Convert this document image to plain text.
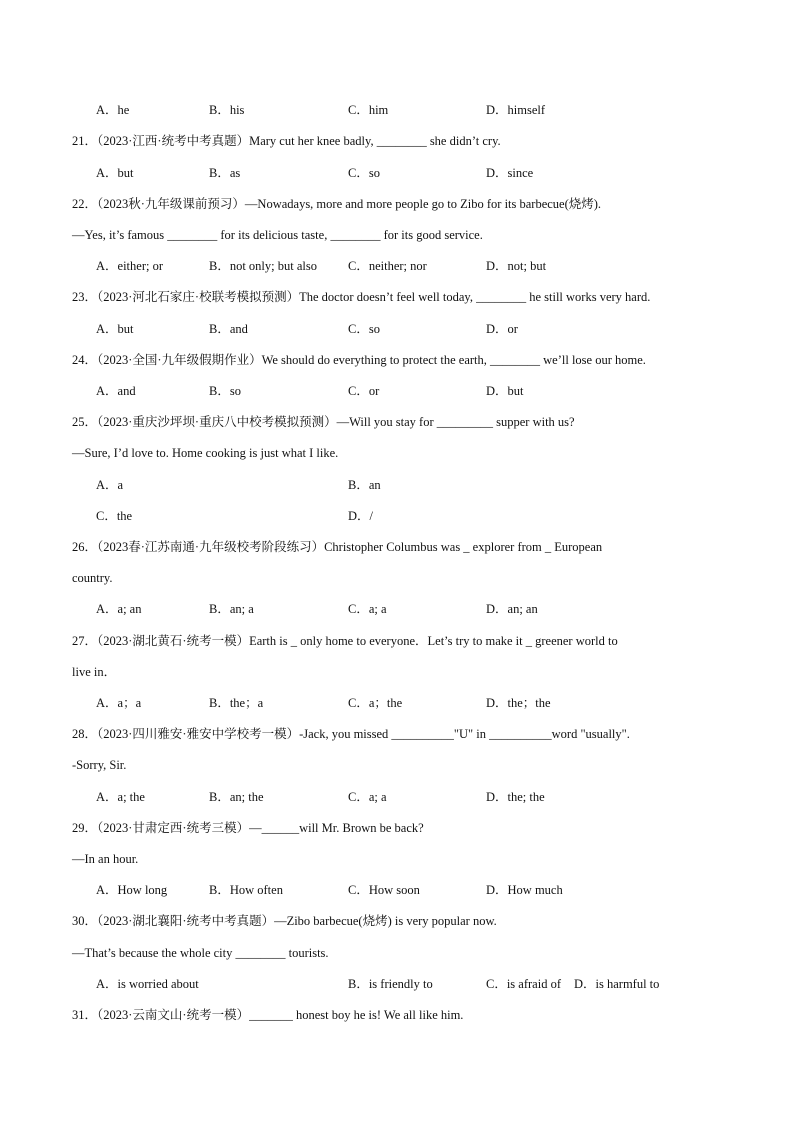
A．he	B．his	C．him	D．himself
21．（2023·江西·统考中考真题）Mary cut her knee badly, ________ she didn’t cry.
A．but	B．as	C．so	D．since
22．（2023秋·九年级课前预习）—Nowadays, more and more people go to Zibo for its barbecue(烧烤).
—Yes, it’s famous ________ for its delicious taste, ________ for its good service.
A．either; or	B．not only; but also C．neither; nor	D．not; but
23．（2023·河北石家庄·校联考模拟预测）The doctor doesn’t feel well today, ________ he still works very hard.
A．but	B．and	C．so	D．or
24．（2023·全国·九年级假期作业）We should do everything to protect the earth, ________ we’ll lose our home.
A．and	B．so	C．or	D．but
25．（2023·重庆沙坪坝·重庆八中校考模拟预测）—Will you stay for _________ supper with us?
—Sure, I’d love to. Home cooking is just what I like.
A．a	B．an
C．the	D．/
26．（2023春·江苏南通·九年级校考阶段练习）Christopher Columbus was _ explorer from _ European
country.
A．a; an	B．an; a	C．a; a	D．an; an
27．（2023·湖北黄石·统考一模）Earth is _ only home to everyone．Let’s try to make it _ greener world to
live in．
A．a；a	B．the；a	C．a；the	D．the；the
28．（2023·四川雅安·雅安中学校考一模）-Jack, you missed __________"U" in __________word "usually".
-Sorry, Sir.
A．a; the	B．an; the	C．a; a	D．the; the
29．（2023·甘肃定西·统考三模）—______will Mr. Brown be back?
—In an hour.
A．How long	B．How often	C．How soon	D．How much
30．（2023·湖北襄阳·统考中考真题）—Zibo barbecue(烧烤) is very popular now.
—That’s because the whole city ________ tourists.
A．is worried about	B．is friendly to	C．is afraid of D．is harmful to
31．（2023·云南文山·统考一模）_______ honest boy he is! We all like him.
